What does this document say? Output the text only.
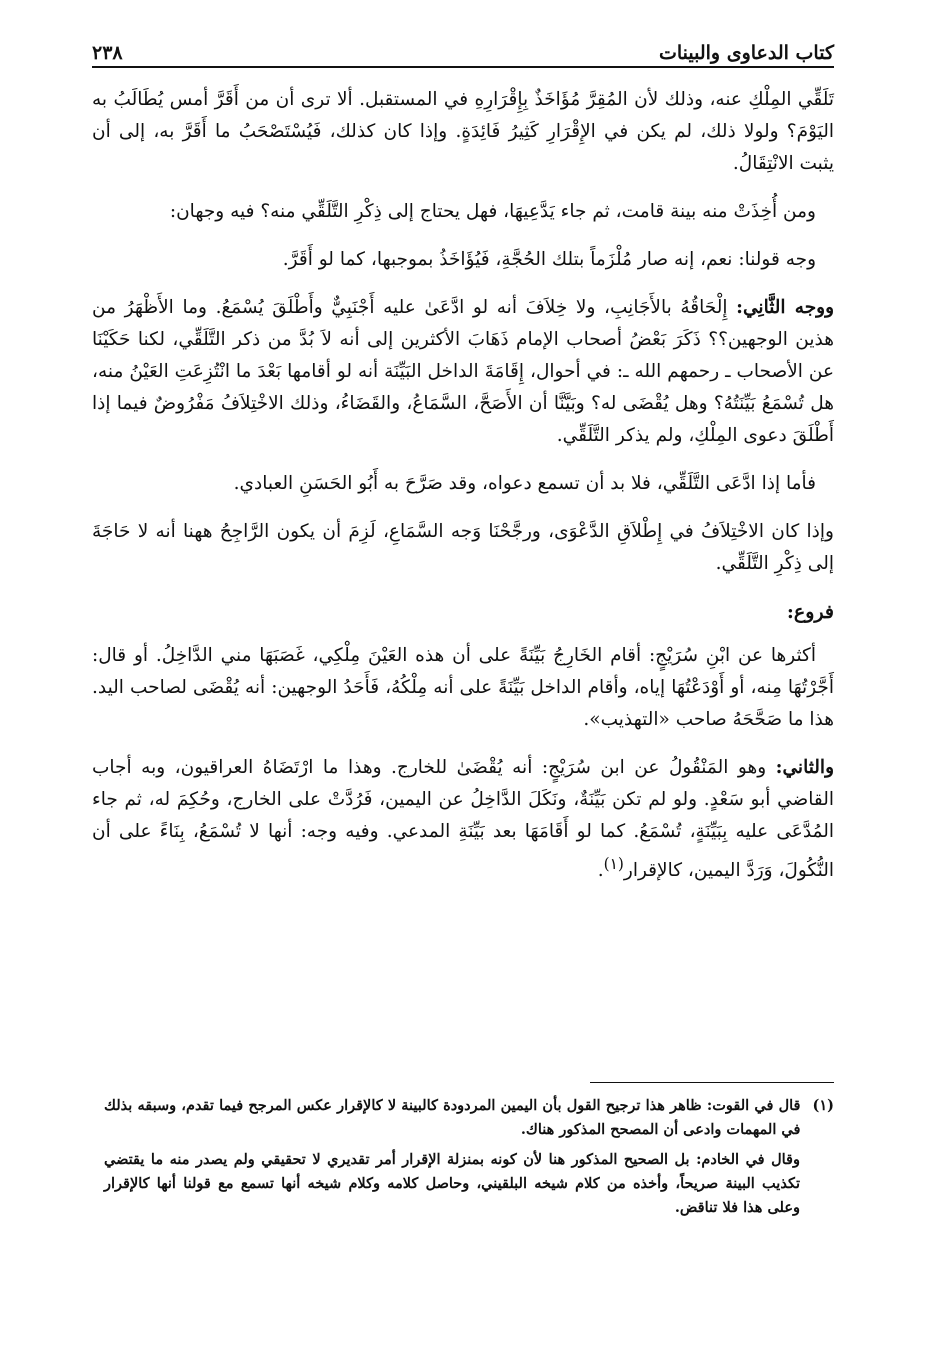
كتاب الدعاوى والبينات
٢٣٨

تَلَقِّي المِلْكِ عنه، وذلك لأن المُقِرَّ مُؤَاخَذٌ بِإِقْرَارِهِ في المستقبل. ألا ترى أن من أَقَرَّ أمس يُطَالَبُ به اليَوْمَ؟ ولولا ذلك، لم يكن في الإِقْرَارِ كَثِيرُ فَائِدَةٍ. وإذا كان كذلك، فَيُسْتَصْحَبُ ما أَقَرَّ به، إلى أن يثبت الانْتِقَالُ.

ومن أُخِذَتْ منه بينة قامت، ثم جاء يَدَّعِيهَا، فهل يحتاج إلى ذِكْرِ التَّلَقِّي منه؟ فيه وجهان:

وجه قولنا: نعم، إنه صار مُلْزَماً بتلك الحُجَّةِ، فَيُؤَاخَذُ بموجبها، كما لو أَقَرَّ.

ووجه الثَّانِي: إِلْحَاقُهُ بالأَجَانِبِ، ولا خِلاَفَ أنه لو ادَّعَىٰ عليه أَجْنَبِيٌّ وأَطْلَقَ يُسْمَعُ. وما الأَظْهَرُ من هذين الوجهين؟؟ ذَكَرَ بَعْضُ أصحاب الإمام ذَهَابَ الأكثرين إلى أنه لاَ بُدَّ من ذكر التَّلَقِّي، لكنا حَكَيْنَا عن الأصحاب ـ رحمهم الله ـ: في أحوال، إِقَامَةَ الداخل البَيِّنَة أنه لو أقامها بَعْدَ ما انْتُزِعَتِ العَيْنُ منه، هل تُسْمَعُ بَيِّنَتُهُ؟ وهل يُقْضَى له؟ وبَيَّنَّا أن الأَصَحَّ، السَّمَاعُ، والقَضَاءُ، وذلك الاخْتِلاَفُ مَفْرُوضٌ فيما إذا أَطْلَقَ دعوى المِلْكِ، ولم يذكر التَّلَقِّي.

فأما إذا ادَّعَى التَّلَقِّي، فلا بد أن تسمع دعواه، وقد صَرَّحَ به أَبُو الحَسَنِ العبادي.

وإذا كان الاخْتِلاَفُ في إِطْلاَقِ الدَّعْوَى، ورجَّحْنَا وَجه السَّمَاعِ، لَزِمَ أن يكون الرَّاجِحُ ههنا أنه لا حَاجَةَ إلى ذِكْرِ التَّلَقِّي.

فروع:

أكثرها عن ابْنِ سُرَيْجٍ: أقام الخَارِجُ بَيِّنَةً على أن هذه العَيْنَ مِلْكِي، غَصَبَهَا مني الدَّاخِلُ. أو قال: أَجَّرْتُهَا مِنه، أو أَوْدَعْتُهَا إياه، وأقام الداخل بَيِّنَةً على أنه مِلْكُهُ، فَأَحَدُ الوجهين: أنه يُقْضَى لصاحب اليد. هذا ما صَحَّحَهُ صاحب «التهذيب».

والثاني: وهو المَنْقُولُ عن ابن سُرَيْجٍ: أنه يُقْضَىٰ للخارج. وهذا ما ارْتَضَاهُ العراقيون، وبه أجاب القاضي أبو سَعْدٍ. ولو لم تكن بَيِّنَةٌ، ونَكَلَ الدَّاخِلُ عن اليمين، فَرُدَّتْ على الخارج، وحُكِمَ له، ثم جاء المُدَّعَى عليه بِبَيِّنَةٍ، تُسْمَعُ. كما لو أَقَامَهَا بعد بَيِّنَةِ المدعي. وفيه وجه: أنها لا تُسْمَعُ، بِنَاءً على أن النُّكُولَ، وَرَدَّ اليمين، كالإقرار$^{(١)}$.

(١)
قال في القوت: ظاهر هذا ترجيح القول بأن اليمين المردودة كالبينة لا كالإقرار عكس المرجح فيما تقدم، وسبقه بذلك في المهمات وادعى أن المصحح المذكور هناك.
وقال في الخادم: بل الصحيح المذكور هنا لأن كونه بمنزلة الإقرار أمر تقديري لا تحقيقي ولم يصدر منه ما يقتضي تكذيب البينة صريحاً، وأخذه من كلام شيخه البلقيني، وحاصل كلامه وكلام شيخه أنها تسمع مع قولنا أنها كالإقرار وعلى هذا فلا تناقض.
